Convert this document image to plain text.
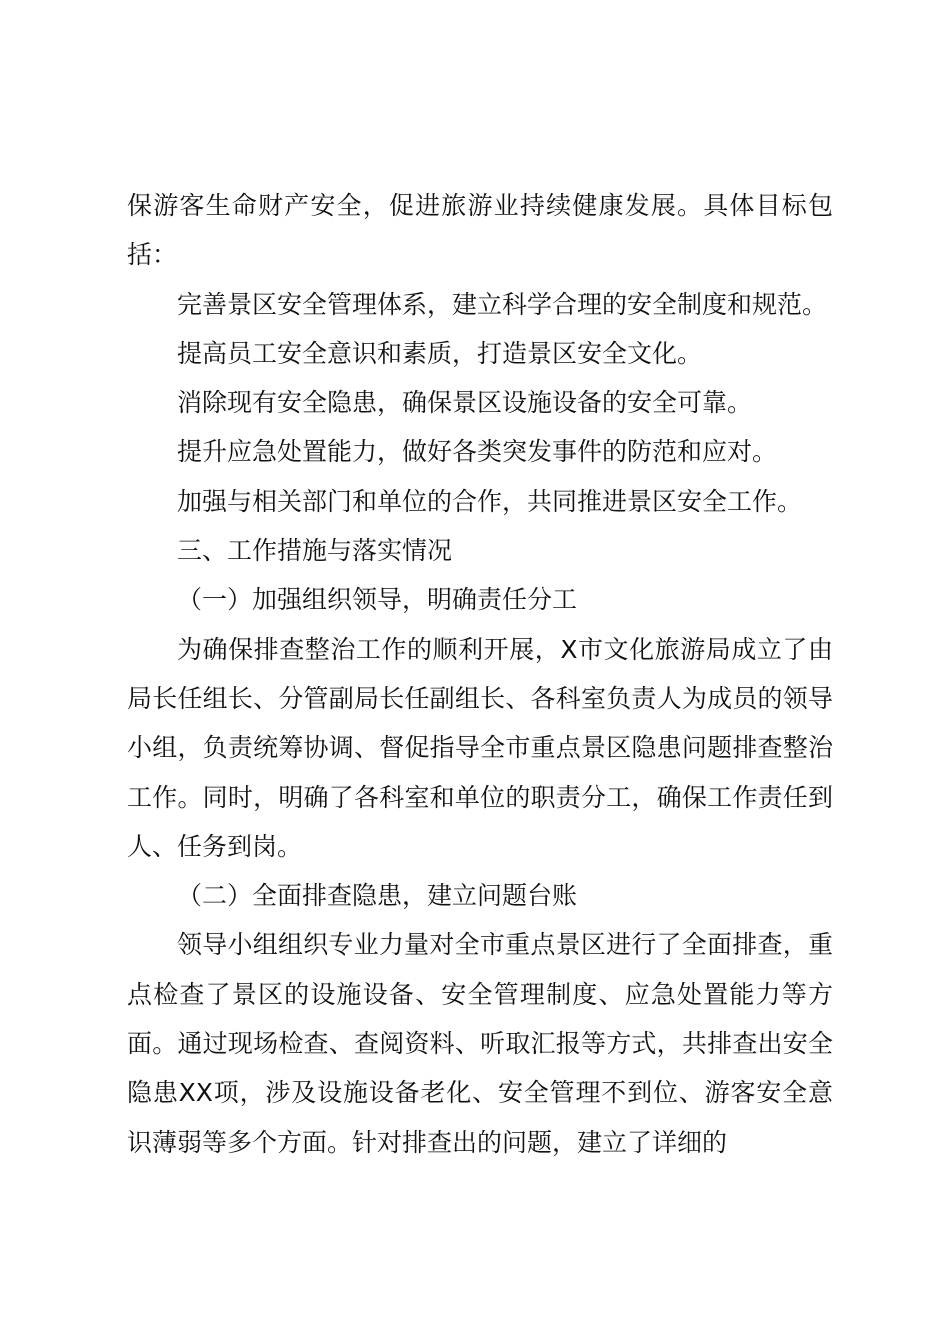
保游客生命财产安全，促进旅游业持续健康发展。具体目标包括：

完善景区安全管理体系，建立科学合理的安全制度和规范。

提高员工安全意识和素质，打造景区安全文化。

消除现有安全隐患，确保景区设施设备的安全可靠。

提升应急处置能力，做好各类突发事件的防范和应对。

加强与相关部门和单位的合作，共同推进景区安全工作。

三、工作措施与落实情况

（一）加强组织领导，明确责任分工

为确保排查整治工作的顺利开展，X市文化旅游局成立了由局长任组长、分管副局长任副组长、各科室负责人为成员的领导小组，负责统筹协调、督促指导全市重点景区隐患问题排查整治工作。同时，明确了各科室和单位的职责分工，确保工作责任到人、任务到岗。

（二）全面排查隐患，建立问题台账

领导小组组织专业力量对全市重点景区进行了全面排查，重点检查了景区的设施设备、安全管理制度、应急处置能力等方面。通过现场检查、查阅资料、听取汇报等方式，共排查出安全隐患XX项，涉及设施设备老化、安全管理不到位、游客安全意识薄弱等多个方面。针对排查出的问题，建立了详细的
